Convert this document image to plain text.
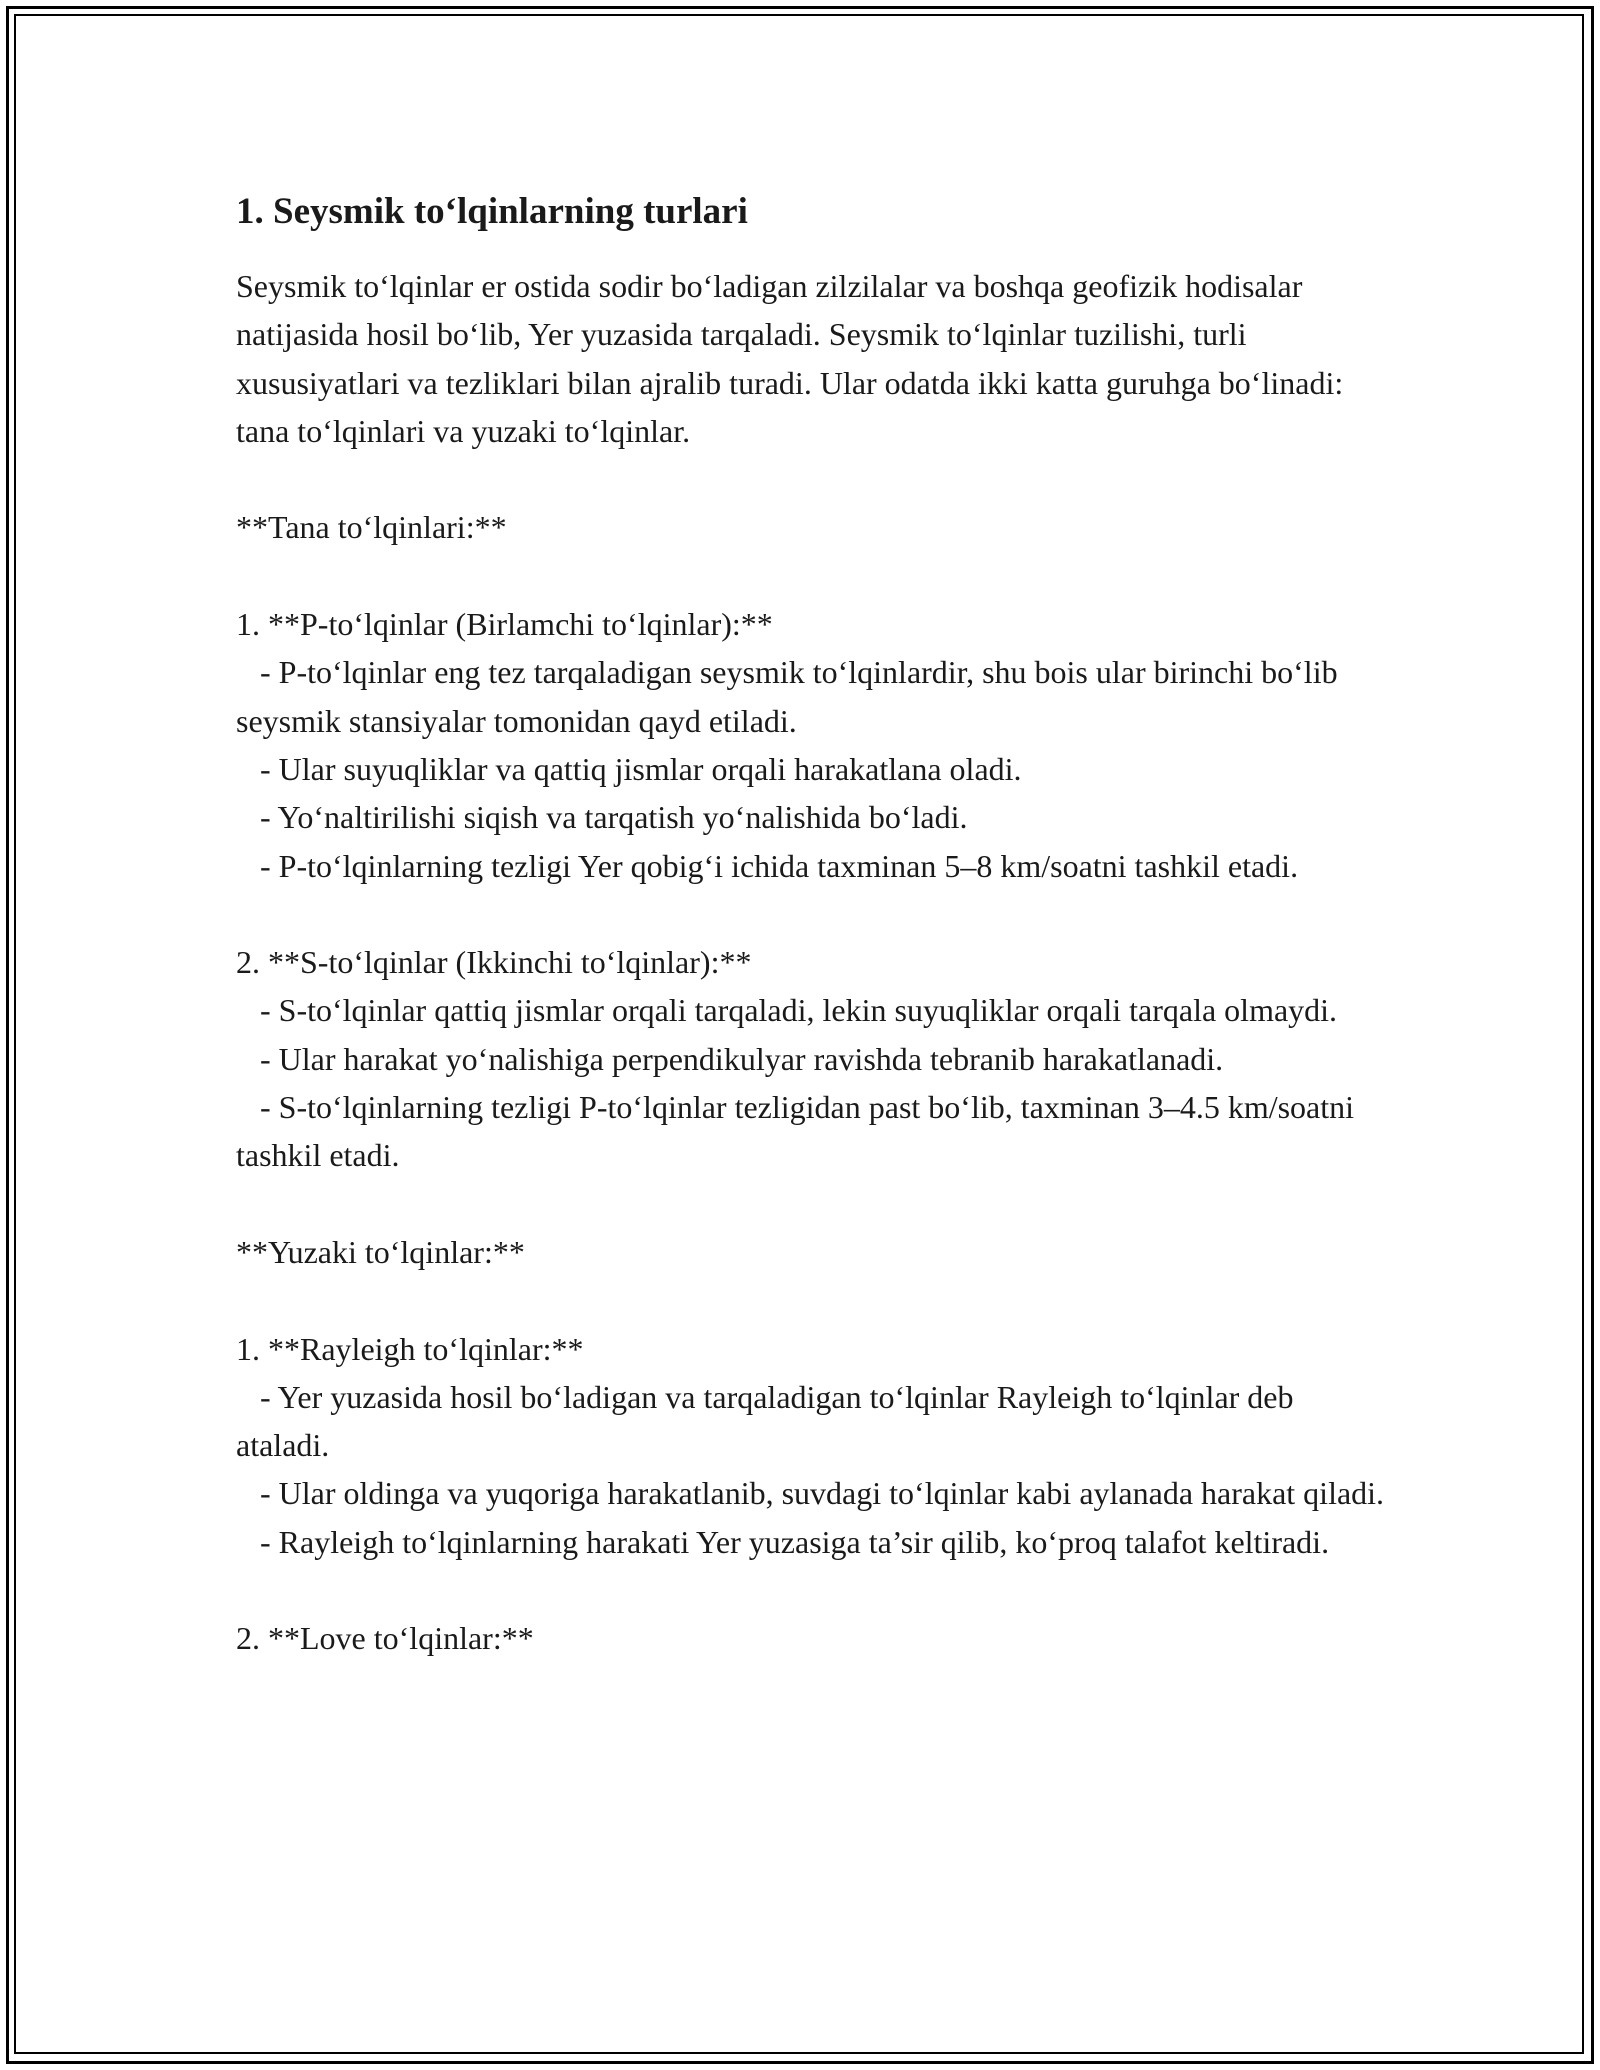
1. Seysmik to‘lqinlarning turlari

Seysmik to‘lqinlar er ostida sodir bo‘ladigan zilzilalar va boshqa geofizik hodisalar natijasida hosil bo‘lib, Yer yuzasida tarqaladi. Seysmik to‘lqinlar tuzilishi, turli xususiyatlari va tezliklari bilan ajralib turadi. Ular odatda ikki katta guruhga bo‘linadi: tana to‘lqinlari va yuzaki to‘lqinlar.

**Tana to‘lqinlari:**

1. **P-to‘lqinlar (Birlamchi to‘lqinlar):**

- P-to‘lqinlar eng tez tarqaladigan seysmik to‘lqinlardir, shu bois ular birinchi bo‘lib seysmik stansiyalar tomonidan qayd etiladi.

- Ular suyuqliklar va qattiq jismlar orqali harakatlana oladi.

- Yo‘naltirilishi siqish va tarqatish yo‘nalishida bo‘ladi.

- P-to‘lqinlarning tezligi Yer qobig‘i ichida taxminan 5–8 km/soatni tashkil etadi.

2. **S-to‘lqinlar (Ikkinchi to‘lqinlar):**

- S-to‘lqinlar qattiq jismlar orqali tarqaladi, lekin suyuqliklar orqali tarqala olmaydi.

- Ular harakat yo‘nalishiga perpendikulyar ravishda tebranib harakatlanadi.

- S-to‘lqinlarning tezligi P-to‘lqinlar tezligidan past bo‘lib, taxminan 3–4.5 km/soatni tashkil etadi.

**Yuzaki to‘lqinlar:**

1. **Rayleigh to‘lqinlar:**

- Yer yuzasida hosil bo‘ladigan va tarqaladigan to‘lqinlar Rayleigh to‘lqinlar deb ataladi.

- Ular oldinga va yuqoriga harakatlanib, suvdagi to‘lqinlar kabi aylanada harakat qiladi.

- Rayleigh to‘lqinlarning harakati Yer yuzasiga ta’sir qilib, ko‘proq talafot keltiradi.

2. **Love to‘lqinlar:**
